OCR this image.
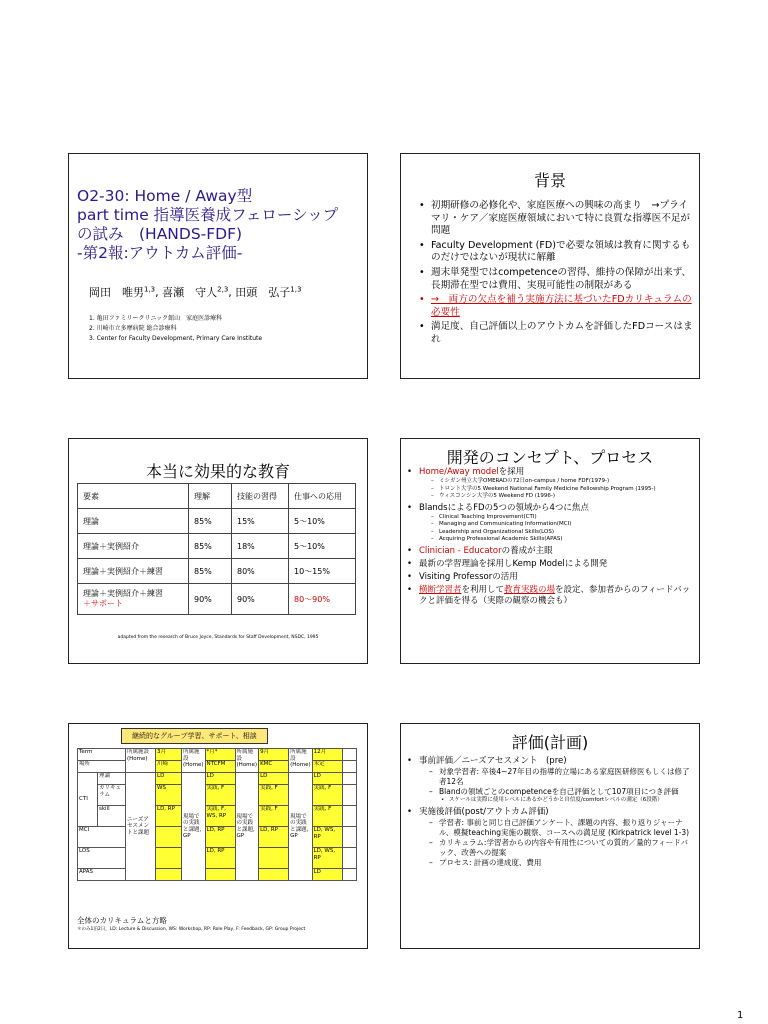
O2-30: Home / Away型
part time 指導医養成フェローシップ
の試み　(HANDS-FDF)
-第2報:アウトカム評価-
岡田　唯男$^{1,3}$, 喜瀬　守人$^{2,3}$, 田頭　弘子$^{1,3}$
1. 亀田ファミリークリニック館山　家庭医診療科
2. 川崎市立多摩病院 総合診療科
3. Center for Faculty Development, Primary Care Institute
背景
• 初期研修の必修化や、家庭医療への興味の高まり　→プライマリ・ケア／家庭医療領域において特に良質な指導医不足が問題
• Faculty Development (FD)で必要な領域は教育に関するものだけではないが現状に解離
• 週末単発型ではcompetenceの習得、維持の保障が出来ず、長期滞在型では費用、実現可能性の制限がある
• →　両方の欠点を補う実施方法に基づいたFDカリキュラムの必要性
• 満足度、自己評価以上のアウトカムを評価したFDコースはまれ
本当に効果的な教育
要素	理解	技能の習得	仕事への応用
理論	85%	15%	5～10%
理論＋実例紹介	85%	18%	5～10%
理論＋実例紹介＋練習	85%	80%	10～15%
理論＋実例紹介＋練習
＋サポート	90%	90%	80～90%
adapted from the research of Bruce Joyce, Standards for Staff Development, NSDC, 1995
開発のコンセプト、プロセス
• Home/Away modelを採用
– ミシガン州立大学OMERADの72日on-campus / home FDF(1979-)
– トロント大学の5 Weekend National Family Medicine Fellowship Program (1995-)
– ウィスコンシン大学の5 Weekend FD (1996-)
• BlandsによるFDの5つの領域から4つに焦点
– Clinical Teaching Improvement(CTI)
– Managing and Communicating Information(MCI)
– Leadership and Organizational Skills(LOS)
– Acquiring Professional Academic Skills(APAS)
• Clinician - Educatorの養成が主眼
• 最新の学習理論を採用しKemp Modelによる開発
• Visiting Professorの活用
• 横断学習者を利用して教育実践の場を設定、参加者からのフィードバックと評価を得る（実際の観察の機会も）
継続的なグループ学習、サポート、相談
Term		所属施設(Home)	3月	所属施設(Home)	*月*	所属施設(Home)	9月	所属施設(Home)	12月	
場所			川崎		NTCFM		KMC		未定	
CTI	理論	ニーズアセスメントと課題	LD	現場での実践と課題, GP	LD	現場での実践と課題, GP	LD	現場での実践と課題, GP	LD	
	カリキュラム		WS		実践, F		実践, F		実践, F	
	skill		LD, RP		実践, F, WS, RP		実践, F		実践, F	
MCI					LD, RP		LD, RP		LD, WS,
RP	
LOS					LD, RP				LD, WS,
RP	
APAS									LD	
全体のカリキュラムと方略
＊のみ1泊2日，LD: Lecture & Discussion, WS: Workshop, RP: Role Play, F: Feedback, GP: Group Project
評価(計画)
• 事前評価／ニーズアセスメント　(pre)
– 対象学習者: 卒後4~27年目の指導的立場にある家庭医研修医もしくは修了者12名
– Blandの領域ごとのcompetenceを自己評価として107項目につき評価
• スケールは実際に使用レベルにあるかどうかと自信度/comfortレベルの測定（6段階）
• 実施後評価(post/アウトカム評価)
– 学習者: 事前と同じ自己評価アンケート、課題の内容、振り返りジャーナル、模擬teaching実施の観察、コースへの満足度 (Kirkpatrick level 1-3)
– カリキュラム:学習者からの内容や有用性についての質的／量的フィードバック、改善への提案
– プロセス: 計画の達成度、費用
1
